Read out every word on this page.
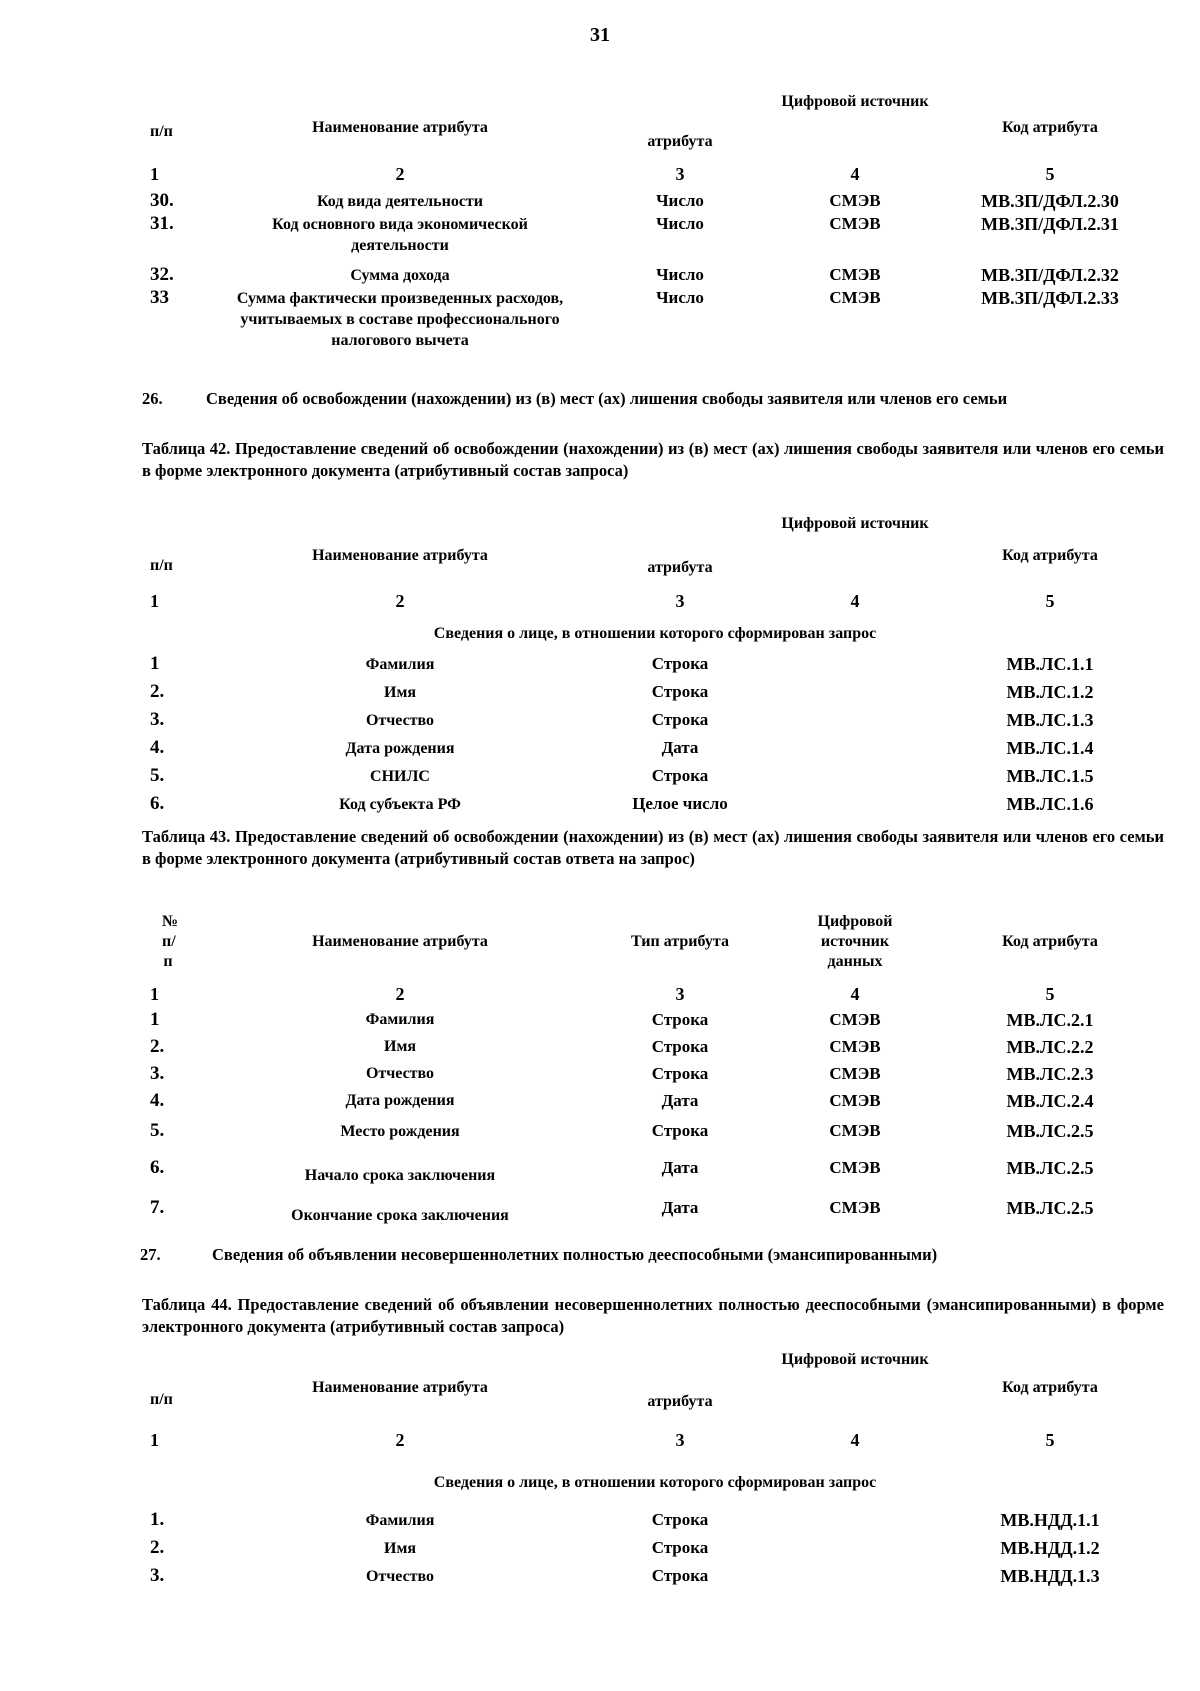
31
п/п	Наименование атрибута	атрибута	Цифровой источник	Код атрибута
1	2	3	4	5
30.	Код вида деятельности	Число	СМЭВ	МВ.ЗП/ДФЛ.2.30
31.	Код основного вида экономической деятельности	Число	СМЭВ	МВ.ЗП/ДФЛ.2.31
32.	Сумма дохода	Число	СМЭВ	МВ.ЗП/ДФЛ.2.32
33	Сумма фактически произведенных расходов, учитываемых в составе профессионального налогового вычета	Число	СМЭВ	МВ.ЗП/ДФЛ.2.33
26.	Сведения об освобождении (нахождении) из (в) мест (ах) лишения свободы заявителя или членов его семьи
Таблица 42. Предоставление сведений об освобождении (нахождении) из (в) мест (ах) лишения свободы заявителя или членов его семьи в форме электронного документа (атрибутивный состав запроса)
п/п	Наименование атрибута	атрибута	Цифровой источник	Код атрибута
1	2	3	4	5
Сведения о лице, в отношении которого сформирован запрос				
1	Фамилия	Строка		МВ.ЛС.1.1
2.	Имя	Строка		МВ.ЛС.1.2
3.	Отчество	Строка		МВ.ЛС.1.3
4.	Дата рождения	Дата		МВ.ЛС.1.4
5.	СНИЛС	Строка		МВ.ЛС.1.5
6.	Код субъекта РФ	Целое число		МВ.ЛС.1.6
Таблица 43. Предоставление сведений об освобождении (нахождении) из (в) мест (ах) лишения свободы заявителя или членов его семьи в форме электронного документа (атрибутивный состав ответа на запрос)
№ п/п	Наименование атрибута	Тип атрибута	Цифровой источник данных	Код атрибута
1	2	3	4	5
1	Фамилия	Строка	СМЭВ	МВ.ЛС.2.1
2.	Имя	Строка	СМЭВ	МВ.ЛС.2.2
3.	Отчество	Строка	СМЭВ	МВ.ЛС.2.3
4.	Дата рождения	Дата	СМЭВ	МВ.ЛС.2.4
5.	Место рождения	Строка	СМЭВ	МВ.ЛС.2.5
6.	Начало срока заключения	Дата	СМЭВ	МВ.ЛС.2.5
7.	Окончание срока заключения	Дата	СМЭВ	МВ.ЛС.2.5
27.	Сведения об объявлении несовершеннолетних полностью дееспособными (эмансипированными)
Таблица 44. Предоставление сведений об объявлении несовершеннолетних полностью дееспособными (эмансипированными) в форме электронного документа (атрибутивный состав запроса)
п/п	Наименование атрибута	атрибута	Цифровой источник	Код атрибута
1	2	3	4	5
Сведения о лице, в отношении которого сформирован запрос				
1.	Фамилия	Строка		МВ.НДД.1.1
2.	Имя	Строка		МВ.НДД.1.2
3.	Отчество	Строка		МВ.НДД.1.3
